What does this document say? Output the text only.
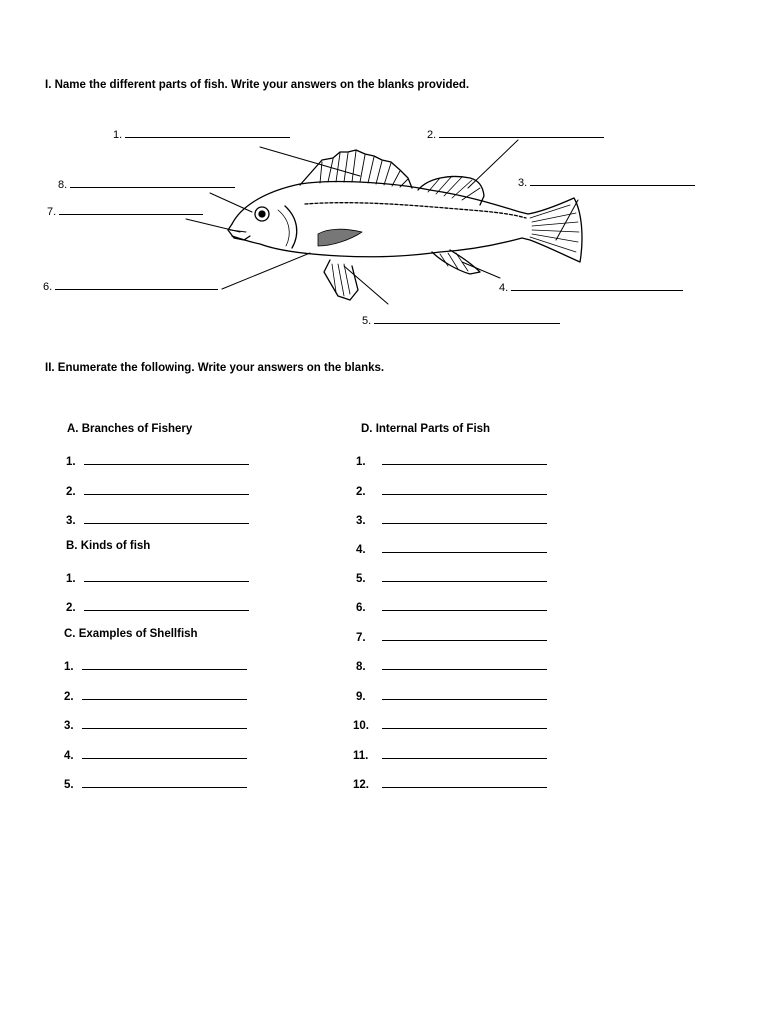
I. Name the different parts of fish. Write your answers on the blanks provided.
1.	2.
3.
4.
5.
6.
7.
8.
II. Enumerate the following. Write your answers on the blanks.
A. Branches of Fishery
1.
2.
3.
B. Kinds of fish
1.
2.
C. Examples of Shellfish
1.
2.
3.
4.
5.
D. Internal Parts of Fish
1.
2.
3.
4.
5.
6.
7.
8.
9.
10.
11.
12.
